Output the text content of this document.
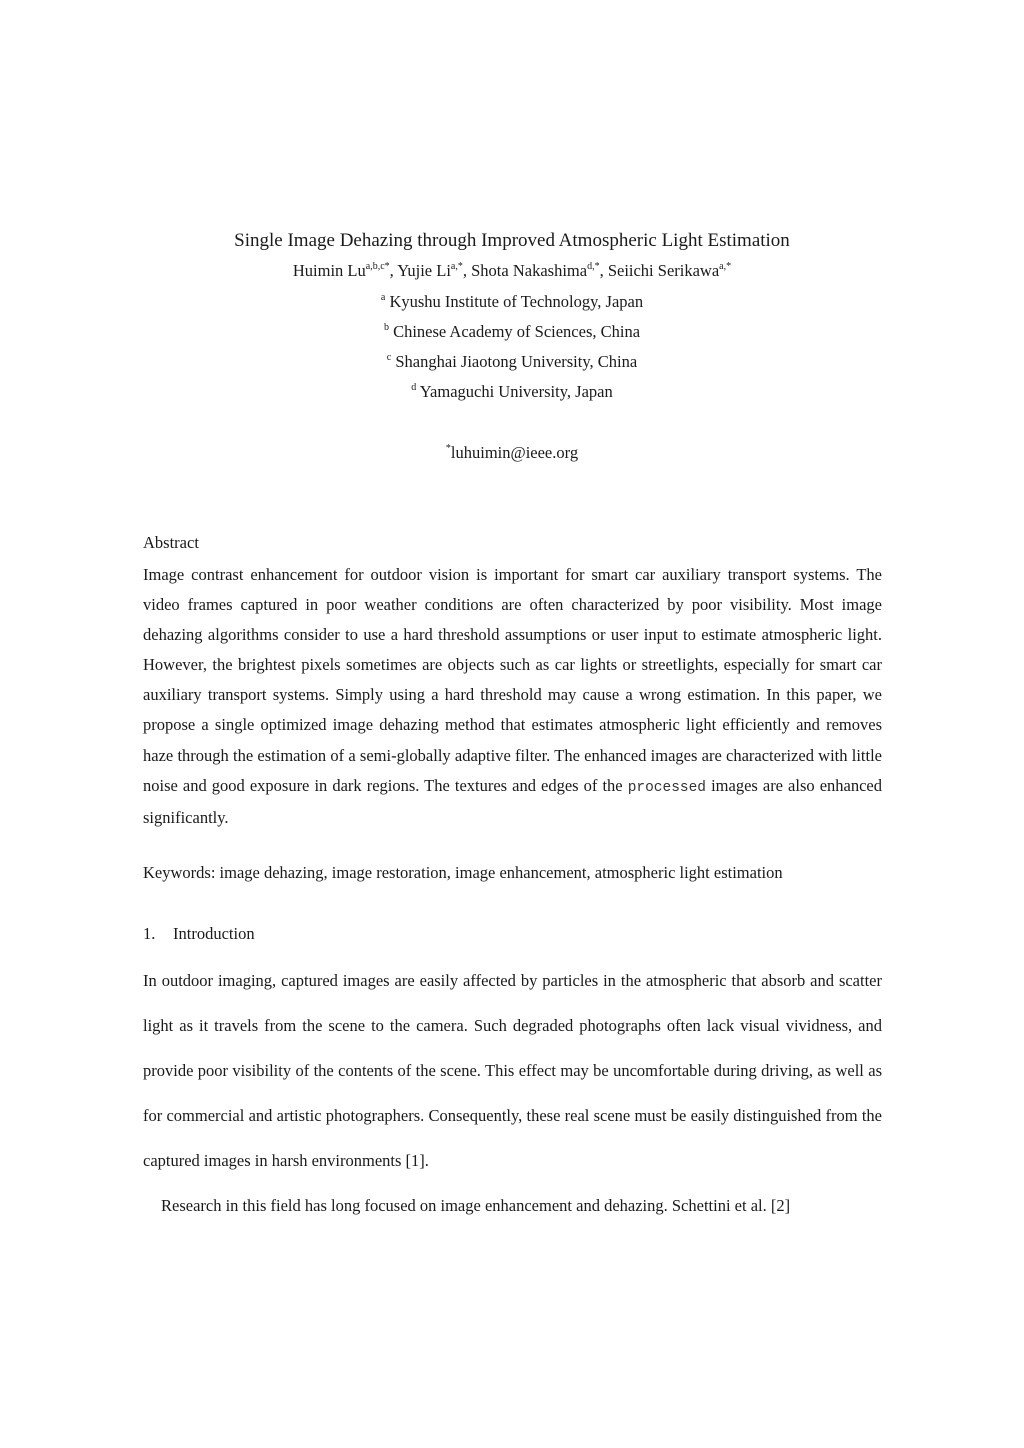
Single Image Dehazing through Improved Atmospheric Light Estimation
Huimin $Lu^{a,b,c*}$, Yujie $Li^{a,*}$, Shota Nakashima$^{d,*}$, Seiichi Serikawa$^{a,*}$
$^a$ Kyushu Institute of Technology, Japan
$^b$ Chinese Academy of Sciences, China
$^c$ Shanghai Jiaotong University, China
$^d$ Yamaguchi University, Japan
*luhuimin@ieee.org
Abstract

Image contrast enhancement for outdoor vision is important for smart car auxiliary transport systems. The video frames captured in poor weather conditions are often characterized by poor visibility. Most image dehazing algorithms consider to use a hard threshold assumptions or user input to estimate atmospheric light. However, the brightest pixels sometimes are objects such as car lights or streetlights, especially for smart car auxiliary transport systems. Simply using a hard threshold may cause a wrong estimation. In this paper, we propose a single optimized image dehazing method that estimates atmospheric light efficiently and removes haze through the estimation of a semi-globally adaptive filter. The enhanced images are characterized with little noise and good exposure in dark regions. The textures and edges of the processed images are also enhanced significantly.

Keywords: image dehazing, image restoration, image enhancement, atmospheric light estimation
1. Introduction

In outdoor imaging, captured images are easily affected by particles in the atmospheric that absorb and scatter light as it travels from the scene to the camera. Such degraded photographs often lack visual vividness, and provide poor visibility of the contents of the scene. This effect may be uncomfortable during driving, as well as for commercial and artistic photographers. Consequently, these real scene must be easily distinguished from the captured images in harsh environments [1].

Research in this field has long focused on image enhancement and dehazing. Schettini et al. [2]
